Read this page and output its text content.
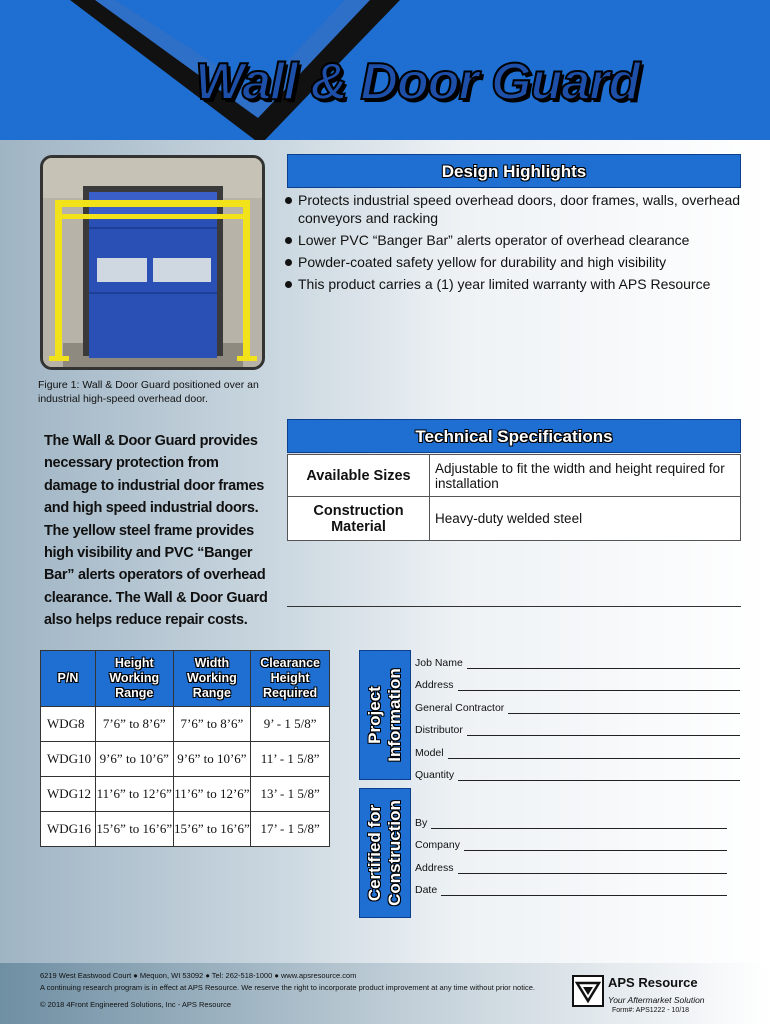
Wall & Door Guard
Figure 1: Wall & Door Guard positioned over an industrial high-speed overhead door.
Design Highlights
Protects industrial speed overhead doors, door frames, walls, overhead conveyors and racking
Lower PVC “Banger Bar” alerts operator of overhead clearance
Powder-coated safety yellow for durability and high visibility
This product carries a (1) year limited warranty with APS Resource
The Wall & Door Guard provides necessary protection from damage to industrial door frames and high speed industrial doors. The yellow steel frame provides high visibility and PVC “Banger Bar” alerts operators of overhead clearance. The Wall & Door Guard also helps reduce repair costs.
Technical Specifications
Available Sizes	Adjustable to fit the width and height required for installation
Construction Material	Heavy-duty welded steel
P/N	Height Working Range	Width Working Range	Clearance Height Required
WDG8	7’6” to 8’6”	7’6” to 8’6”	9’ - 1 5/8”
WDG10	9’6” to 10’6”	9’6” to 10’6”	11’ - 1 5/8”
WDG12	11’6” to 12’6”	11’6” to 12’6”	13’ - 1 5/8”
WDG16	15’6” to 16’6”	15’6” to 16’6”	17’ - 1 5/8”
Project Information
Job Name
Address
General Contractor
Distributor
Model
Quantity
Certified for Construction By
Company
Address
Date
6219 West Eastwood Court ● Mequon, WI 53092 ● Tel: 262-518-1000 ● www.apsresource.com
A continuing research program is in effect at APS Resource. We reserve the right to incorporate product improvement at any time without prior notice.
© 2018 4Front Engineered Solutions, Inc - APS Resource
APS Resource
Your Aftermarket Solution
Form#: APS1222 - 10/18
